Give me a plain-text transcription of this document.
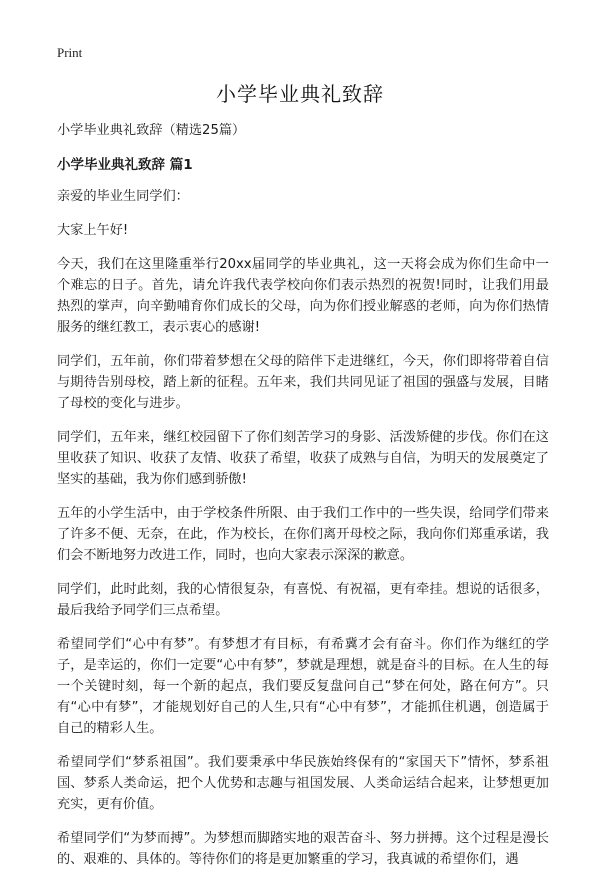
Print
小学毕业典礼致辞

小学毕业典礼致辞（精选25篇）

小学毕业典礼致辞 篇1

亲爱的毕业生同学们：

大家上午好!

今天，我们在这里隆重举行20xx届同学的毕业典礼，这一天将会成为你们生命中一个难忘的日子。首先，请允许我代表学校向你们表示热烈的祝贺!同时，让我们用最热烈的掌声，向辛勤哺育你们成长的父母，向为你们授业解惑的老师，向为你们热情服务的继红教工，表示衷心的感谢!

同学们，五年前，你们带着梦想在父母的陪伴下走进继红，今天，你们即将带着自信与期待告别母校，踏上新的征程。五年来，我们共同见证了祖国的强盛与发展，目睹了母校的变化与进步。

同学们，五年来，继红校园留下了你们刻苦学习的身影、活泼矫健的步伐。你们在这里收获了知识、收获了友情、收获了希望，收获了成熟与自信，为明天的发展奠定了坚实的基础，我为你们感到骄傲!

五年的小学生活中，由于学校条件所限、由于我们工作中的一些失误，给同学们带来了许多不便、无奈，在此，作为校长，在你们离开母校之际，我向你们郑重承诺，我们会不断地努力改进工作，同时，也向大家表示深深的歉意。

同学们，此时此刻，我的心情很复杂，有喜悦、有祝福，更有牵挂。想说的话很多，最后我给予同学们三点希望。

希望同学们“心中有梦”。有梦想才有目标，有希冀才会有奋斗。你们作为继红的学子，是幸运的，你们一定要“心中有梦”，梦就是理想，就是奋斗的目标。在人生的每一个关键时刻，每一个新的起点，我们要反复盘问自己“梦在何处，路在何方”。只有“心中有梦”，才能规划好自己的人生,只有“心中有梦”，才能抓住机遇，创造属于自己的精彩人生。

希望同学们“梦系祖国”。我们要秉承中华民族始终保有的“家国天下”情怀，梦系祖国、梦系人类命运，把个人优势和志趣与祖国发展、人类命运结合起来，让梦想更加充实，更有价值。

希望同学们“为梦而搏”。为梦想而脚踏实地的艰苦奋斗、努力拼搏。这个过程是漫长的、艰难的、具体的。等待你们的将是更加繁重的学习，我真诚的希望你们，遇
